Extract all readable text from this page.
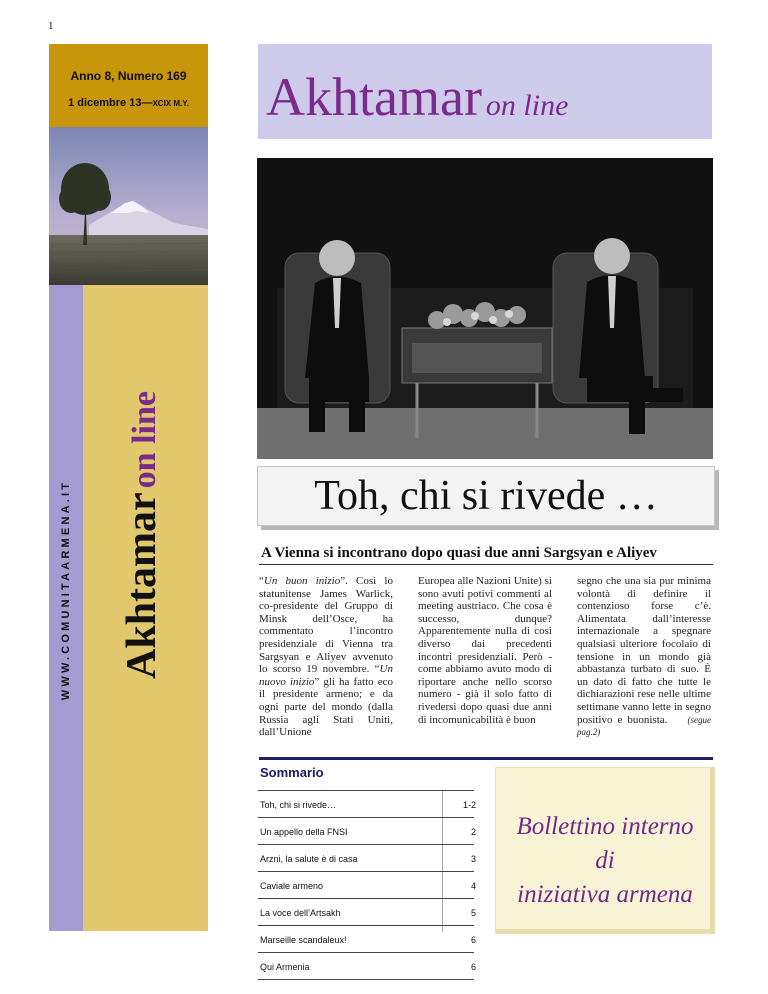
1
Anno 8, Numero 169
1 dicembre 13—XCIX M.Y.
WWW.COMUNITAARMENA.IT Akhtamar on line
Akhtamar on line
Toh, chi si rivede …
A Vienna si incontrano dopo quasi due anni Sargsyan e Aliyev
“Un buon inizio”. Così lo statunitense James Warlick, co-presidente del Gruppo di Minsk dell’Osce, ha commentato l’incontro presidenziale di Vienna tra Sargsyan e Aliyev avvenuto lo scorso 19 novembre. “Un nuovo inizio” gli ha fatto eco il presidente armeno; e da ogni parte del mondo (dalla Russia agli Stati Uniti, dall’Unione
Europea alle Nazioni Unite) si sono avuti potivi commenti al meeting austriaco. Che cosa è successo, dunque? Apparentemente nulla di così diverso dai precedenti incontri presidenziali. Però - come abbiamo avuto modo di riportare anche nello scorso numero - già il solo fatto di rivedersi dopo quasi due anni di incomunicabilità è buon
segno che una sia pur minima volontà di definire il contenzioso forse c’è. Alimentata dall’interesse internazionale a spegnare qualsiasi ulteriore focolaio di tensione in un mondo già abbastanza turbato di suo. È un dato di fatto che tutte le dichiarazioni rese nelle ultime settimane vanno lette in segno positivo e buonista. (segue pag.2)
Sommario
Toh, chi si rivede…	1-2
Un appello della FNSI	2
Arzni, la salute è di casa	3
Caviale armeno	4
La voce dell’Artsakh	5
Marseille scandaleux!	6
Qui Armenia	6
Bollettino interno
di
iniziativa armena
